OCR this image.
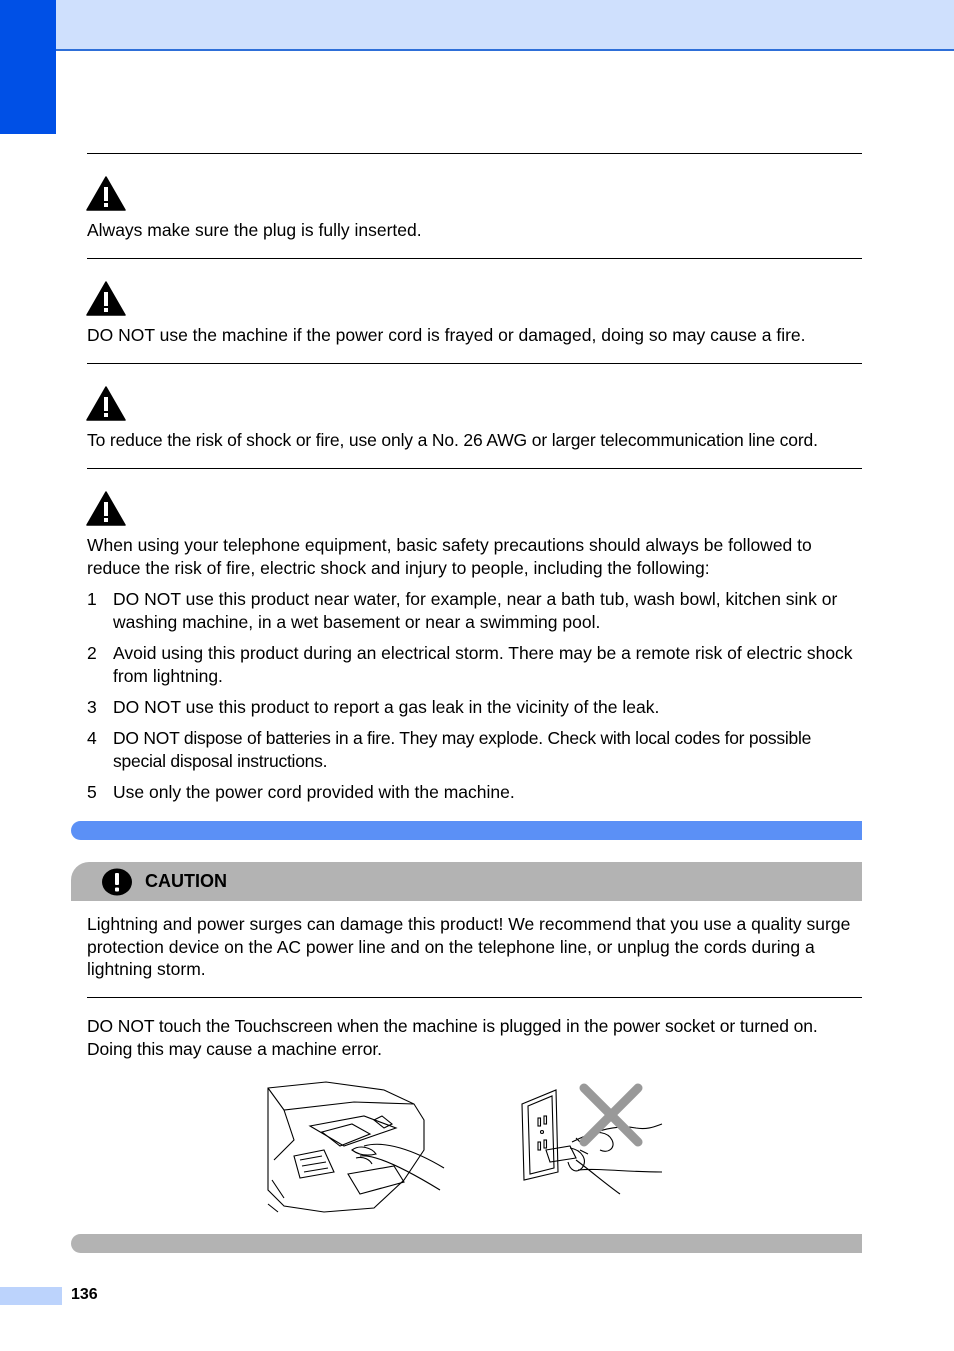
Always make sure the plug is fully inserted.
DO NOT use the machine if the power cord is frayed or damaged, doing so may cause a fire.
To reduce the risk of shock or fire, use only a No. 26 AWG or larger telecommunication line cord.
When using your telephone equipment, basic safety precautions should always be followed to reduce the risk of fire, electric shock and injury to people, including the following:
1 DO NOT use this product near water, for example, near a bath tub, wash bowl, kitchen sink or washing machine, in a wet basement or near a swimming pool.
2 Avoid using this product during an electrical storm. There may be a remote risk of electric shock from lightning.
3 DO NOT use this product to report a gas leak in the vicinity of the leak.
4 DO NOT dispose of batteries in a fire. They may explode. Check with local codes for possible special disposal instructions.
5 Use only the power cord provided with the machine.
CAUTION
Lightning and power surges can damage this product! We recommend that you use a quality surge protection device on the AC power line and on the telephone line, or unplug the cords during a lightning storm.
DO NOT touch the Touchscreen when the machine is plugged in the power socket or turned on. Doing this may cause a machine error.
136
